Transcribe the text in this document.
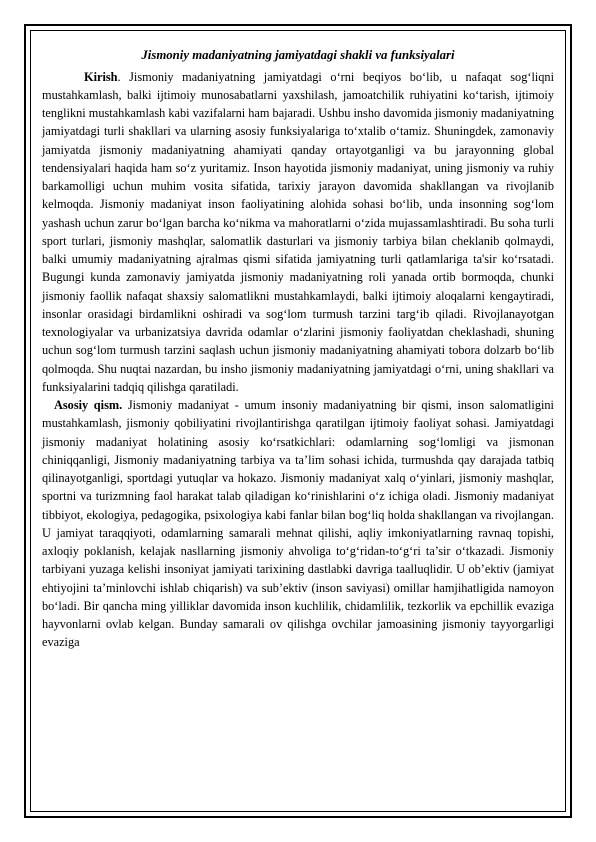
Jismoniy madaniyatning jamiyatdagi shakli va funksiyalari

Kirish. Jismoniy madaniyatning jamiyatdagi o‘rni beqiyos bo‘lib, u nafaqat sog‘liqni mustahkamlash, balki ijtimoiy munosabatlarni yaxshilash, jamoatchilik ruhiyatini ko‘tarish, ijtimoiy tenglikni mustahkamlash kabi vazifalarni ham bajaradi. Ushbu insho davomida jismoniy madaniyatning jamiyatdagi turli shakllari va ularning asosiy funksiyalariga to‘xtalib o‘tamiz. Shuningdek, zamonaviy jamiyatda jismoniy madaniyatning ahamiyati qanday ortayotganligi va bu jarayonning global tendensiyalari haqida ham so‘z yuritamiz. Inson hayotida jismoniy madaniyat, uning jismoniy va ruhiy barkamolligi uchun muhim vosita sifatida, tarixiy jarayon davomida shakllangan va rivojlanib kelmoqda. Jismoniy madaniyat inson faoliyatining alohida sohasi bo‘lib, unda insonning sog‘lom yashash uchun zarur bo‘lgan barcha ko‘nikma va mahoratlarni o‘zida mujassamlashtiradi. Bu soha turli sport turlari, jismoniy mashqlar, salomatlik dasturlari va jismoniy tarbiya bilan cheklanib qolmaydi, balki umumiy madaniyatning ajralmas qismi sifatida jamiyatning turli qatlamlariga ta'sir ko‘rsatadi. Bugungi kunda zamonaviy jamiyatda jismoniy madaniyatning roli yanada ortib bormoqda, chunki jismoniy faollik nafaqat shaxsiy salomatlikni mustahkamlaydi, balki ijtimoiy aloqalarni kengaytiradi, insonlar orasidagi birdamlikni oshiradi va sog‘lom turmush tarzini targ‘ib qiladi. Rivojlanayotgan texnologiyalar va urbanizatsiya davrida odamlar o‘zlarini jismoniy faoliyatdan cheklashadi, shuning uchun sog‘lom turmush tarzini saqlash uchun jismoniy madaniyatning ahamiyati tobora dolzarb bo‘lib qolmoqda. Shu nuqtai nazardan, bu insho jismoniy madaniyatning jamiyatdagi o‘rni, uning shakllari va funksiyalarini tadqiq qilishga qaratiladi.

Asosiy qism. Jismoniy madaniyat - umum insoniy madaniyatning bir qismi, inson salomatligini mustahkamlash, jismoniy qobiliyatini rivojlantirishga qaratilgan ijtimoiy faoliyat sohasi. Jamiyatdagi jismoniy madaniyat holatining asosiy ko‘rsatkichlari: odamlarning sog‘lomligi va jismonan chiniqqanligi, Jismoniy madaniyatning tarbiya va ta’lim sohasi ichida, turmushda qay darajada tatbiq qilinayotganligi, sportdagi yutuqlar va hokazo. Jismoniy madaniyat xalq o‘yinlari, jismoniy mashqlar, sportni va turizmning faol harakat talab qiladigan ko‘rinishlarini o‘z ichiga oladi. Jismoniy madaniyat tibbiyot, ekologiya, pedagogika, psixologiya kabi fanlar bilan bog‘liq holda shakllangan va rivojlangan. U jamiyat taraqqiyoti, odamlarning samarali mehnat qilishi, aqliy imkoniyatlarning ravnaq topishi, axloqiy poklanish, kelajak nasllarning jismoniy ahvoliga to‘g‘ridan-to‘g‘ri ta’sir o‘tkazadi. Jismoniy tarbiyani yuzaga kelishi insoniyat jamiyati tarixining dastlabki davriga taalluqlidir. U ob’ektiv (jamiyat ehtiyojini ta’minlovchi ishlab chiqarish) va sub’ektiv (inson saviyasi) omillar hamjihatligida namoyon bo‘ladi. Bir qancha ming yilliklar davomida inson kuchlilik, chidamlilik, tezkorlik va epchillik evaziga hayvonlarni ovlab kelgan. Bunday samarali ov qilishga ovchilar jamoasining jismoniy tayyorgarligi evaziga
